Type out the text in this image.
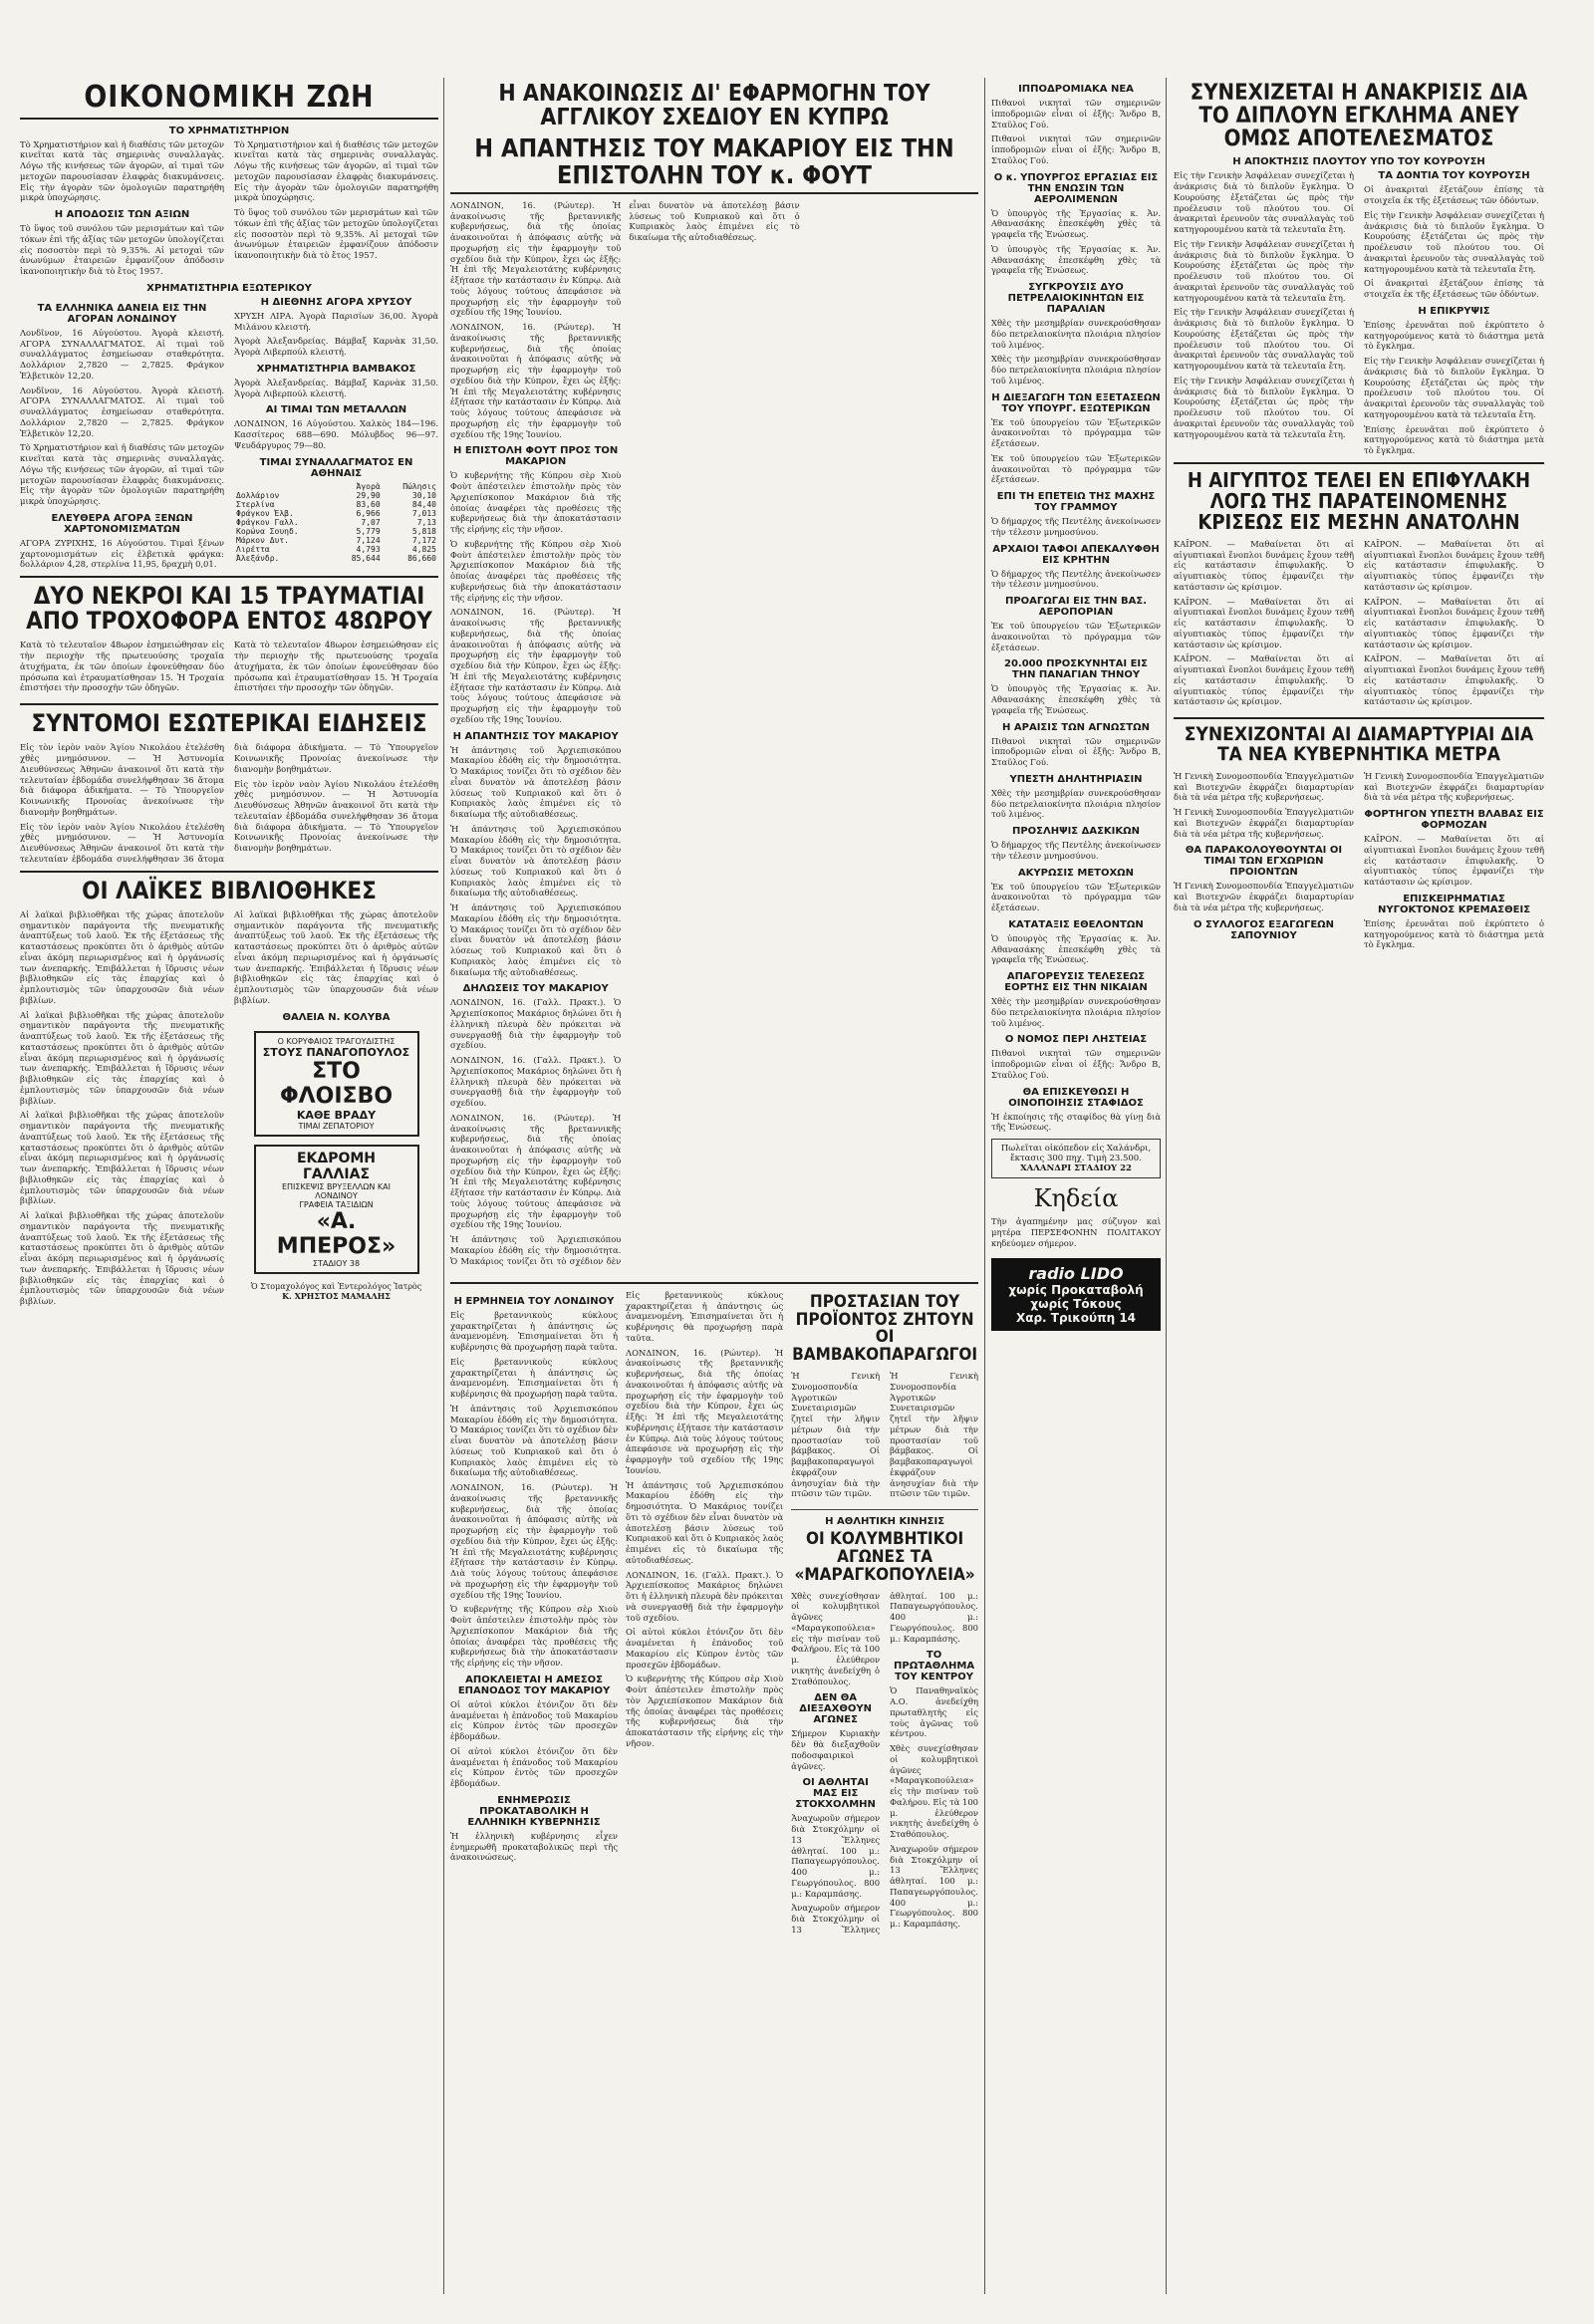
ΟΙΚΟΝΟΜΙΚΗ ΖΩΗ
ΤΟ ΧΡΗΜΑΤΙΣΤΗΡΙΟΝ

Τὸ Χρηματιστήριον καὶ ἡ διαθέσις τῶν μετοχῶν κινεῖται κατὰ τὰς σημερινὰς συναλλαγὰς. Λόγω τῆς κινήσεως τῶν ἀγορῶν, αἱ τιμαὶ τῶν μετοχῶν παρουσίασαν ἐλαφρὰς διακυμάνσεις. Εἰς τὴν ἀγορὰν τῶν ὁμολογιῶν παρατηρήθη μικρὰ ὑποχώρησις.

Η ΑΠΟΔΟΣΙΣ ΤΩΝ ΑΞΙΩΝ

Τὸ ὕψος τοῦ συνόλου τῶν μερισμάτων καὶ τῶν τόκων ἐπὶ τῆς ἀξίας τῶν μετοχῶν ὑπολογίζεται εἰς ποσοστὸν περὶ τὸ 9,35%. Αἱ μετοχαὶ τῶν ἀνωνύμων ἑταιρειῶν ἐμφανίζουν ἀπόδοσιν ἱκανοποιητικὴν διὰ τὸ ἔτος 1957.

Τὸ Χρηματιστήριον καὶ ἡ διαθέσις τῶν μετοχῶν κινεῖται κατὰ τὰς σημερινὰς συναλλαγὰς. Λόγω τῆς κινήσεως τῶν ἀγορῶν, αἱ τιμαὶ τῶν μετοχῶν παρουσίασαν ἐλαφρὰς διακυμάνσεις. Εἰς τὴν ἀγορὰν τῶν ὁμολογιῶν παρατηρήθη μικρὰ ὑποχώρησις.

Τὸ ὕψος τοῦ συνόλου τῶν μερισμάτων καὶ τῶν τόκων ἐπὶ τῆς ἀξίας τῶν μετοχῶν ὑπολογίζεται εἰς ποσοστὸν περὶ τὸ 9,35%. Αἱ μετοχαὶ τῶν ἀνωνύμων ἑταιρειῶν ἐμφανίζουν ἀπόδοσιν ἱκανοποιητικὴν διὰ τὸ ἔτος 1957.

ΧΡΗΜΑΤΙΣΤΗΡΙΑ ΕΞΩΤΕΡΙΚΟΥ
ΤΑ ΕΛΛΗΝΙΚΑ ΔΑΝΕΙΑ ΕΙΣ ΤΗΝ ΑΓΟΡΑΝ ΛΟΝΔΙΝΟΥ

Λονδῖνον, 16 Αὐγούστου. Ἀγορὰ κλειστή. ΑΓΟΡΑ ΣΥΝΑΛΛΑΓΜΑΤΟΣ. Αἱ τιμαὶ τοῦ συναλλάγματος ἐσημείωσαν σταθερότητα. Δολλάριον 2,7820 — 2,7825. Φράγκον Ἑλβετικὸν 12,20.

Λονδῖνον, 16 Αὐγούστου. Ἀγορὰ κλειστή. ΑΓΟΡΑ ΣΥΝΑΛΛΑΓΜΑΤΟΣ. Αἱ τιμαὶ τοῦ συναλλάγματος ἐσημείωσαν σταθερότητα. Δολλάριον 2,7820 — 2,7825. Φράγκον Ἑλβετικὸν 12,20.

Τὸ Χρηματιστήριον καὶ ἡ διαθέσις τῶν μετοχῶν κινεῖται κατὰ τὰς σημερινὰς συναλλαγὰς. Λόγω τῆς κινήσεως τῶν ἀγορῶν, αἱ τιμαὶ τῶν μετοχῶν παρουσίασαν ἐλαφρὰς διακυμάνσεις. Εἰς τὴν ἀγορὰν τῶν ὁμολογιῶν παρατηρήθη μικρὰ ὑποχώρησις.

ΕΛΕΥΘΕΡΑ ΑΓΟΡΑ ΞΕΝΩΝ ΧΑΡΤΟΝΟΜΙΣΜΑΤΩΝ

ΑΓΟΡΑ ΖΥΡΙΧΗΣ, 16 Αὐγούστου. Τιμαὶ ξένων χαρτονομισμάτων εἰς ἑλβετικὰ φράγκα: δολλάριον 4,28, στερλίνα 11,95, δραχμὴ 0,01.

Η ΔΙΕΘΝΗΣ ΑΓΟΡΑ ΧΡΥΣΟΥ

ΧΡΥΣΗ ΛΙΡΑ. Ἀγορὰ Παρισίων 36,00. Ἀγορὰ Μιλάνου κλειστή.

Ἀγορὰ Ἀλεξανδρείας. Βάμβαξ Καρνὰκ 31,50. Ἀγορὰ Λιβερπούλ κλειστή.

ΧΡΗΜΑΤΙΣΤΗΡΙΑ ΒΑΜΒΑΚΟΣ

Ἀγορὰ Ἀλεξανδρείας. Βάμβαξ Καρνὰκ 31,50. Ἀγορὰ Λιβερπούλ κλειστή.

ΑΙ ΤΙΜΑΙ ΤΩΝ ΜΕΤΑΛΛΩΝ

ΛΟΝΔΙΝΟΝ, 16 Αὐγούστου. Χαλκὸς 184—196. Κασσίτερος 688—690. Μόλυβδος 96—97. Ψευδάργυρος 79—80.

ΤΙΜΑΙ ΣΥΝΑΛΛΑΓΜΑΤΟΣ ΕΝ ΑΘΗΝΑΙΣ
	Ἀγορὰ	Πώλησις
Δολλάριον	29,90	30,10
Στερλίνα	83,60	84,40
Φράγκον Ἑλβ.	6,966	7,013
Φράγκον Γαλλ.	7,07	7,13
Κορώνα Σουηδ.	5,779	5,818
Μάρκον Δυτ.	7,124	7,172
Λιρέττα	4,793	4,825
Ἀλεξάνδρ.	85,644	86,660
ΔΥΟ ΝΕΚΡΟΙ ΚΑΙ 15 ΤΡΑΥΜΑΤΙΑΙ ΑΠΟ ΤΡΟΧΟΦΟΡΑ ΕΝΤΟΣ 48ΩΡΟΥ

Κατὰ τὸ τελευταῖον 48ωρον ἐσημειώθησαν εἰς τὴν περιοχὴν τῆς πρωτευούσης τροχαῖα ἀτυχήματα, ἐκ τῶν ὁποίων ἐφονεύθησαν δύο πρόσωπα καὶ ἐτραυματίσθησαν 15. Ἡ Τροχαία ἐπιστήσει τὴν προσοχὴν τῶν ὁδηγῶν.

Κατὰ τὸ τελευταῖον 48ωρον ἐσημειώθησαν εἰς τὴν περιοχὴν τῆς πρωτευούσης τροχαῖα ἀτυχήματα, ἐκ τῶν ὁποίων ἐφονεύθησαν δύο πρόσωπα καὶ ἐτραυματίσθησαν 15. Ἡ Τροχαία ἐπιστήσει τὴν προσοχὴν τῶν ὁδηγῶν.

ΣΥΝΤΟΜΟΙ ΕΣΩΤΕΡΙΚΑΙ ΕΙΔΗΣΕΙΣ

Εἰς τὸν ἱερὸν ναὸν Ἁγίου Νικολάου ἐτελέσθη χθὲς μνημόσυνον. — Ἡ Ἀστυνομία Διευθύνσεως Ἀθηνῶν ἀνακοινοῖ ὅτι κατὰ τὴν τελευταίαν ἑβδομάδα συνελήφθησαν 36 ἄτομα διὰ διάφορα ἀδικήματα. — Τὸ Ὑπουργεῖον Κοινωνικῆς Προνοίας ἀνεκοίνωσε τὴν διανομὴν βοηθημάτων.

Εἰς τὸν ἱερὸν ναὸν Ἁγίου Νικολάου ἐτελέσθη χθὲς μνημόσυνον. — Ἡ Ἀστυνομία Διευθύνσεως Ἀθηνῶν ἀνακοινοῖ ὅτι κατὰ τὴν τελευταίαν ἑβδομάδα συνελήφθησαν 36 ἄτομα διὰ διάφορα ἀδικήματα. — Τὸ Ὑπουργεῖον Κοινωνικῆς Προνοίας ἀνεκοίνωσε τὴν διανομὴν βοηθημάτων.

Εἰς τὸν ἱερὸν ναὸν Ἁγίου Νικολάου ἐτελέσθη χθὲς μνημόσυνον. — Ἡ Ἀστυνομία Διευθύνσεως Ἀθηνῶν ἀνακοινοῖ ὅτι κατὰ τὴν τελευταίαν ἑβδομάδα συνελήφθησαν 36 ἄτομα διὰ διάφορα ἀδικήματα. — Τὸ Ὑπουργεῖον Κοινωνικῆς Προνοίας ἀνεκοίνωσε τὴν διανομὴν βοηθημάτων.

ΟΙ ΛΑΪΚΕΣ ΒΙΒΛΙΟΘΗΚΕΣ

Αἱ λαϊκαὶ βιβλιοθῆκαι τῆς χώρας ἀποτελοῦν σημαντικὸν παράγοντα τῆς πνευματικῆς ἀναπτύξεως τοῦ λαοῦ. Ἐκ τῆς ἐξετάσεως τῆς καταστάσεως προκύπτει ὅτι ὁ ἀριθμὸς αὐτῶν εἶναι ἀκόμη περιωρισμένος καὶ ἡ ὀργάνωσίς των ἀνεπαρκής. Ἐπιβάλλεται ἡ ἵδρυσις νέων βιβλιοθηκῶν εἰς τὰς ἐπαρχίας καὶ ὁ ἐμπλουτισμὸς τῶν ὑπαρχουσῶν διὰ νέων βιβλίων.

Αἱ λαϊκαὶ βιβλιοθῆκαι τῆς χώρας ἀποτελοῦν σημαντικὸν παράγοντα τῆς πνευματικῆς ἀναπτύξεως τοῦ λαοῦ. Ἐκ τῆς ἐξετάσεως τῆς καταστάσεως προκύπτει ὅτι ὁ ἀριθμὸς αὐτῶν εἶναι ἀκόμη περιωρισμένος καὶ ἡ ὀργάνωσίς των ἀνεπαρκής. Ἐπιβάλλεται ἡ ἵδρυσις νέων βιβλιοθηκῶν εἰς τὰς ἐπαρχίας καὶ ὁ ἐμπλουτισμὸς τῶν ὑπαρχουσῶν διὰ νέων βιβλίων.

Αἱ λαϊκαὶ βιβλιοθῆκαι τῆς χώρας ἀποτελοῦν σημαντικὸν παράγοντα τῆς πνευματικῆς ἀναπτύξεως τοῦ λαοῦ. Ἐκ τῆς ἐξετάσεως τῆς καταστάσεως προκύπτει ὅτι ὁ ἀριθμὸς αὐτῶν εἶναι ἀκόμη περιωρισμένος καὶ ἡ ὀργάνωσίς των ἀνεπαρκής. Ἐπιβάλλεται ἡ ἵδρυσις νέων βιβλιοθηκῶν εἰς τὰς ἐπαρχίας καὶ ὁ ἐμπλουτισμὸς τῶν ὑπαρχουσῶν διὰ νέων βιβλίων.

Αἱ λαϊκαὶ βιβλιοθῆκαι τῆς χώρας ἀποτελοῦν σημαντικὸν παράγοντα τῆς πνευματικῆς ἀναπτύξεως τοῦ λαοῦ. Ἐκ τῆς ἐξετάσεως τῆς καταστάσεως προκύπτει ὅτι ὁ ἀριθμὸς αὐτῶν εἶναι ἀκόμη περιωρισμένος καὶ ἡ ὀργάνωσίς των ἀνεπαρκής. Ἐπιβάλλεται ἡ ἵδρυσις νέων βιβλιοθηκῶν εἰς τὰς ἐπαρχίας καὶ ὁ ἐμπλουτισμὸς τῶν ὑπαρχουσῶν διὰ νέων βιβλίων.

Αἱ λαϊκαὶ βιβλιοθῆκαι τῆς χώρας ἀποτελοῦν σημαντικὸν παράγοντα τῆς πνευματικῆς ἀναπτύξεως τοῦ λαοῦ. Ἐκ τῆς ἐξετάσεως τῆς καταστάσεως προκύπτει ὅτι ὁ ἀριθμὸς αὐτῶν εἶναι ἀκόμη περιωρισμένος καὶ ἡ ὀργάνωσίς των ἀνεπαρκής. Ἐπιβάλλεται ἡ ἵδρυσις νέων βιβλιοθηκῶν εἰς τὰς ἐπαρχίας καὶ ὁ ἐμπλουτισμὸς τῶν ὑπαρχουσῶν διὰ νέων βιβλίων.

ΘΑΛΕΙΑ Ν. ΚΟΛΥΒΑ
Ο ΚΟΡΥΦΑΙΟΣ ΤΡΑΓΟΥΔΙΣΤΗΣ
ΣΤΟΥΣ ΠΑΝΑΓΟΠΟΥΛΟΣ
ΣΤΟ ΦΛΟΙΣΒΟ
ΚΑΘΕ ΒΡΑΔΥ
ΤΙΜΑΙ ΖΕΠΑΤΟΡΙΟΥ
ΕΚΔΡΟΜΗ ΓΑΛΛΙΑΣ
ΕΠΙΣΚΕΨΙΣ ΒΡΥΞΕΛΛΩΝ ΚΑΙ ΛΟΝΔΙΝΟΥ
ΓΡΑΦΕΙΑ ΤΑΞΙΔΙΩΝ
«Α. ΜΠΕΡΟΣ»
ΣΤΑΔΙΟΥ 38
Ὁ Στομαχολόγος καὶ Ἐντερολόγος Ἰατρὸς
Κ. ΧΡΗΣΤΟΣ ΜΑΜΑΛΗΣ
Η ΑΝΑΚΟΙΝΩΣΙΣ ΔΙ' ΕΦΑΡΜΟΓΗΝ ΤΟΥ ΑΓΓΛΙΚΟΥ ΣΧΕΔΙΟΥ ΕΝ ΚΥΠΡΩ
Η ΑΠΑΝΤΗΣΙΣ ΤΟΥ ΜΑΚΑΡΙΟΥ ΕΙΣ ΤΗΝ ΕΠΙΣΤΟΛΗΝ ΤΟΥ κ. ΦΟΥΤ

ΛΟΝΔΙΝΟΝ, 16. (Ρώυτερ). Ἡ ἀνακοίνωσις τῆς βρεταννικῆς κυβερνήσεως, διὰ τῆς ὁποίας ἀνακοινοῦται ἡ ἀπόφασις αὐτῆς νὰ προχωρήσῃ εἰς τὴν ἐφαρμογὴν τοῦ σχεδίου διὰ τὴν Κύπρον, ἔχει ὡς ἑξῆς: Ἡ ἐπὶ τῆς Μεγαλειοτάτης κυβέρνησις ἐξήτασε τὴν κατάστασιν ἐν Κύπρῳ. Διὰ τοὺς λόγους τούτους ἀπεφάσισε νὰ προχωρήσῃ εἰς τὴν ἐφαρμογὴν τοῦ σχεδίου τῆς 19ης Ἰουνίου.

ΛΟΝΔΙΝΟΝ, 16. (Ρώυτερ). Ἡ ἀνακοίνωσις τῆς βρεταννικῆς κυβερνήσεως, διὰ τῆς ὁποίας ἀνακοινοῦται ἡ ἀπόφασις αὐτῆς νὰ προχωρήσῃ εἰς τὴν ἐφαρμογὴν τοῦ σχεδίου διὰ τὴν Κύπρον, ἔχει ὡς ἑξῆς: Ἡ ἐπὶ τῆς Μεγαλειοτάτης κυβέρνησις ἐξήτασε τὴν κατάστασιν ἐν Κύπρῳ. Διὰ τοὺς λόγους τούτους ἀπεφάσισε νὰ προχωρήσῃ εἰς τὴν ἐφαρμογὴν τοῦ σχεδίου τῆς 19ης Ἰουνίου.

Η ΕΠΙΣΤΟΛΗ ΦΟΥΤ ΠΡΟΣ ΤΟΝ ΜΑΚΑΡΙΟΝ

Ὁ κυβερνήτης τῆς Κύπρου σὲρ Χιοὺ Φοὺτ ἀπέστειλεν ἐπιστολὴν πρὸς τὸν Ἀρχιεπίσκοπον Μακάριον διὰ τῆς ὁποίας ἀναφέρει τὰς προθέσεις τῆς κυβερνήσεως διὰ τὴν ἀποκατάστασιν τῆς εἰρήνης εἰς τὴν νῆσον.

Ὁ κυβερνήτης τῆς Κύπρου σὲρ Χιοὺ Φοὺτ ἀπέστειλεν ἐπιστολὴν πρὸς τὸν Ἀρχιεπίσκοπον Μακάριον διὰ τῆς ὁποίας ἀναφέρει τὰς προθέσεις τῆς κυβερνήσεως διὰ τὴν ἀποκατάστασιν τῆς εἰρήνης εἰς τὴν νῆσον.

ΛΟΝΔΙΝΟΝ, 16. (Ρώυτερ). Ἡ ἀνακοίνωσις τῆς βρεταννικῆς κυβερνήσεως, διὰ τῆς ὁποίας ἀνακοινοῦται ἡ ἀπόφασις αὐτῆς νὰ προχωρήσῃ εἰς τὴν ἐφαρμογὴν τοῦ σχεδίου διὰ τὴν Κύπρον, ἔχει ὡς ἑξῆς: Ἡ ἐπὶ τῆς Μεγαλειοτάτης κυβέρνησις ἐξήτασε τὴν κατάστασιν ἐν Κύπρῳ. Διὰ τοὺς λόγους τούτους ἀπεφάσισε νὰ προχωρήσῃ εἰς τὴν ἐφαρμογὴν τοῦ σχεδίου τῆς 19ης Ἰουνίου.

Η ΑΠΑΝΤΗΣΙΣ ΤΟΥ ΜΑΚΑΡΙΟΥ

Ἡ ἀπάντησις τοῦ Ἀρχιεπισκόπου Μακαρίου ἐδόθη εἰς τὴν δημοσιότητα. Ὁ Μακάριος τονίζει ὅτι τὸ σχέδιον δὲν εἶναι δυνατὸν νὰ ἀποτελέσῃ βάσιν λύσεως τοῦ Κυπριακοῦ καὶ ὅτι ὁ Κυπριακὸς λαὸς ἐπιμένει εἰς τὸ δικαίωμα τῆς αὐτοδιαθέσεως.

Ἡ ἀπάντησις τοῦ Ἀρχιεπισκόπου Μακαρίου ἐδόθη εἰς τὴν δημοσιότητα. Ὁ Μακάριος τονίζει ὅτι τὸ σχέδιον δὲν εἶναι δυνατὸν νὰ ἀποτελέσῃ βάσιν λύσεως τοῦ Κυπριακοῦ καὶ ὅτι ὁ Κυπριακὸς λαὸς ἐπιμένει εἰς τὸ δικαίωμα τῆς αὐτοδιαθέσεως.

Ἡ ἀπάντησις τοῦ Ἀρχιεπισκόπου Μακαρίου ἐδόθη εἰς τὴν δημοσιότητα. Ὁ Μακάριος τονίζει ὅτι τὸ σχέδιον δὲν εἶναι δυνατὸν νὰ ἀποτελέσῃ βάσιν λύσεως τοῦ Κυπριακοῦ καὶ ὅτι ὁ Κυπριακὸς λαὸς ἐπιμένει εἰς τὸ δικαίωμα τῆς αὐτοδιαθέσεως.

ΔΗΛΩΣΕΙΣ ΤΟΥ ΜΑΚΑΡΙΟΥ

ΛΟΝΔΙΝΟΝ, 16. (Γαλλ. Πρακτ.). Ὁ Ἀρχιεπίσκοπος Μακάριος δηλώνει ὅτι ἡ ἑλληνικὴ πλευρὰ δὲν πρόκειται νὰ συνεργασθῇ διὰ τὴν ἐφαρμογὴν τοῦ σχεδίου.

ΛΟΝΔΙΝΟΝ, 16. (Γαλλ. Πρακτ.). Ὁ Ἀρχιεπίσκοπος Μακάριος δηλώνει ὅτι ἡ ἑλληνικὴ πλευρὰ δὲν πρόκειται νὰ συνεργασθῇ διὰ τὴν ἐφαρμογὴν τοῦ σχεδίου.

ΛΟΝΔΙΝΟΝ, 16. (Ρώυτερ). Ἡ ἀνακοίνωσις τῆς βρεταννικῆς κυβερνήσεως, διὰ τῆς ὁποίας ἀνακοινοῦται ἡ ἀπόφασις αὐτῆς νὰ προχωρήσῃ εἰς τὴν ἐφαρμογὴν τοῦ σχεδίου διὰ τὴν Κύπρον, ἔχει ὡς ἑξῆς: Ἡ ἐπὶ τῆς Μεγαλειοτάτης κυβέρνησις ἐξήτασε τὴν κατάστασιν ἐν Κύπρῳ. Διὰ τοὺς λόγους τούτους ἀπεφάσισε νὰ προχωρήσῃ εἰς τὴν ἐφαρμογὴν τοῦ σχεδίου τῆς 19ης Ἰουνίου.

Ἡ ἀπάντησις τοῦ Ἀρχιεπισκόπου Μακαρίου ἐδόθη εἰς τὴν δημοσιότητα. Ὁ Μακάριος τονίζει ὅτι τὸ σχέδιον δὲν εἶναι δυνατὸν νὰ ἀποτελέσῃ βάσιν λύσεως τοῦ Κυπριακοῦ καὶ ὅτι ὁ Κυπριακὸς λαὸς ἐπιμένει εἰς τὸ δικαίωμα τῆς αὐτοδιαθέσεως.

Η ΕΡΜΗΝΕΙΑ ΤΟΥ ΛΟΝΔΙΝΟΥ

Εἰς βρεταννικοὺς κύκλους χαρακτηρίζεται ἡ ἀπάντησις ὡς ἀναμενομένη. Ἐπισημαίνεται ὅτι ἡ κυβέρνησις θὰ προχωρήσῃ παρὰ ταῦτα.

Εἰς βρεταννικοὺς κύκλους χαρακτηρίζεται ἡ ἀπάντησις ὡς ἀναμενομένη. Ἐπισημαίνεται ὅτι ἡ κυβέρνησις θὰ προχωρήσῃ παρὰ ταῦτα.

Ἡ ἀπάντησις τοῦ Ἀρχιεπισκόπου Μακαρίου ἐδόθη εἰς τὴν δημοσιότητα. Ὁ Μακάριος τονίζει ὅτι τὸ σχέδιον δὲν εἶναι δυνατὸν νὰ ἀποτελέσῃ βάσιν λύσεως τοῦ Κυπριακοῦ καὶ ὅτι ὁ Κυπριακὸς λαὸς ἐπιμένει εἰς τὸ δικαίωμα τῆς αὐτοδιαθέσεως.

ΛΟΝΔΙΝΟΝ, 16. (Ρώυτερ). Ἡ ἀνακοίνωσις τῆς βρεταννικῆς κυβερνήσεως, διὰ τῆς ὁποίας ἀνακοινοῦται ἡ ἀπόφασις αὐτῆς νὰ προχωρήσῃ εἰς τὴν ἐφαρμογὴν τοῦ σχεδίου διὰ τὴν Κύπρον, ἔχει ὡς ἑξῆς: Ἡ ἐπὶ τῆς Μεγαλειοτάτης κυβέρνησις ἐξήτασε τὴν κατάστασιν ἐν Κύπρῳ. Διὰ τοὺς λόγους τούτους ἀπεφάσισε νὰ προχωρήσῃ εἰς τὴν ἐφαρμογὴν τοῦ σχεδίου τῆς 19ης Ἰουνίου.

Ὁ κυβερνήτης τῆς Κύπρου σὲρ Χιοὺ Φοὺτ ἀπέστειλεν ἐπιστολὴν πρὸς τὸν Ἀρχιεπίσκοπον Μακάριον διὰ τῆς ὁποίας ἀναφέρει τὰς προθέσεις τῆς κυβερνήσεως διὰ τὴν ἀποκατάστασιν τῆς εἰρήνης εἰς τὴν νῆσον.

ΑΠΟΚΛΕΙΕΤΑΙ Η ΑΜΕΣΟΣ ΕΠΑΝΟΔΟΣ ΤΟΥ ΜΑΚΑΡΙΟΥ

Οἱ αὐτοὶ κύκλοι ἐτόνιζον ὅτι δὲν ἀναμένεται ἡ ἐπάνοδος τοῦ Μακαρίου εἰς Κύπρον ἐντὸς τῶν προσεχῶν ἑβδομάδων.

Οἱ αὐτοὶ κύκλοι ἐτόνιζον ὅτι δὲν ἀναμένεται ἡ ἐπάνοδος τοῦ Μακαρίου εἰς Κύπρον ἐντὸς τῶν προσεχῶν ἑβδομάδων.

ΕΝΗΜΕΡΩΣΙΣ ΠΡΟΚΑΤΑΒΟΛΙΚΗ Η ΕΛΛΗΝΙΚΗ ΚΥΒΕΡΝΗΣΙΣ

Ἡ ἑλληνικὴ κυβέρνησις εἶχεν ἐνημερωθῆ προκαταβολικῶς περὶ τῆς ἀνακοινώσεως.

Εἰς βρεταννικοὺς κύκλους χαρακτηρίζεται ἡ ἀπάντησις ὡς ἀναμενομένη. Ἐπισημαίνεται ὅτι ἡ κυβέρνησις θὰ προχωρήσῃ παρὰ ταῦτα.

ΛΟΝΔΙΝΟΝ, 16. (Ρώυτερ). Ἡ ἀνακοίνωσις τῆς βρεταννικῆς κυβερνήσεως, διὰ τῆς ὁποίας ἀνακοινοῦται ἡ ἀπόφασις αὐτῆς νὰ προχωρήσῃ εἰς τὴν ἐφαρμογὴν τοῦ σχεδίου διὰ τὴν Κύπρον, ἔχει ὡς ἑξῆς: Ἡ ἐπὶ τῆς Μεγαλειοτάτης κυβέρνησις ἐξήτασε τὴν κατάστασιν ἐν Κύπρῳ. Διὰ τοὺς λόγους τούτους ἀπεφάσισε νὰ προχωρήσῃ εἰς τὴν ἐφαρμογὴν τοῦ σχεδίου τῆς 19ης Ἰουνίου.

Ἡ ἀπάντησις τοῦ Ἀρχιεπισκόπου Μακαρίου ἐδόθη εἰς τὴν δημοσιότητα. Ὁ Μακάριος τονίζει ὅτι τὸ σχέδιον δὲν εἶναι δυνατὸν νὰ ἀποτελέσῃ βάσιν λύσεως τοῦ Κυπριακοῦ καὶ ὅτι ὁ Κυπριακὸς λαὸς ἐπιμένει εἰς τὸ δικαίωμα τῆς αὐτοδιαθέσεως.

ΛΟΝΔΙΝΟΝ, 16. (Γαλλ. Πρακτ.). Ὁ Ἀρχιεπίσκοπος Μακάριος δηλώνει ὅτι ἡ ἑλληνικὴ πλευρὰ δὲν πρόκειται νὰ συνεργασθῇ διὰ τὴν ἐφαρμογὴν τοῦ σχεδίου.

Οἱ αὐτοὶ κύκλοι ἐτόνιζον ὅτι δὲν ἀναμένεται ἡ ἐπάνοδος τοῦ Μακαρίου εἰς Κύπρον ἐντὸς τῶν προσεχῶν ἑβδομάδων.

Ὁ κυβερνήτης τῆς Κύπρου σὲρ Χιοὺ Φοὺτ ἀπέστειλεν ἐπιστολὴν πρὸς τὸν Ἀρχιεπίσκοπον Μακάριον διὰ τῆς ὁποίας ἀναφέρει τὰς προθέσεις τῆς κυβερνήσεως διὰ τὴν ἀποκατάστασιν τῆς εἰρήνης εἰς τὴν νῆσον.

ΠΡΟΣΤΑΣΙΑΝ ΤΟΥ ΠΡΟΪΟΝΤΟΣ ΖΗΤΟΥΝ ΟΙ ΒΑΜΒΑΚΟΠΑΡΑΓΩΓΟΙ

Ἡ Γενικὴ Συνομοσπονδία Ἀγροτικῶν Συνεταιρισμῶν ζητεῖ τὴν λῆψιν μέτρων διὰ τὴν προστασίαν τοῦ βάμβακος. Οἱ βαμβακοπαραγωγοὶ ἐκφράζουν ἀνησυχίαν διὰ τὴν πτῶσιν τῶν τιμῶν.

Ἡ Γενικὴ Συνομοσπονδία Ἀγροτικῶν Συνεταιρισμῶν ζητεῖ τὴν λῆψιν μέτρων διὰ τὴν προστασίαν τοῦ βάμβακος. Οἱ βαμβακοπαραγωγοὶ ἐκφράζουν ἀνησυχίαν διὰ τὴν πτῶσιν τῶν τιμῶν.

Η ΑΘΛΗΤΙΚΗ ΚΙΝΗΣΙΣ
ΟΙ ΚΟΛΥΜΒΗΤΙΚΟΙ ΑΓΩΝΕΣ ΤΑ «ΜΑΡΑΓΚΟΠΟΥΛΕΙΑ»

Χθὲς συνεχίσθησαν οἱ κολυμβητικοὶ ἀγῶνες «Μαραγκοπούλεια» εἰς τὴν πισίναν τοῦ Φαλήρου. Εἰς τὰ 100 μ. ἐλεύθερον νικητὴς ἀνεδείχθη ὁ Σταθόπουλος.

ΔΕΝ ΘΑ ΔΙΕΞΑΧΘΟΥΝ ΑΓΩΝΕΣ

Σήμερον Κυριακὴν δὲν θὰ διεξαχθοῦν ποδοσφαιρικοὶ ἀγῶνες.

ΟΙ ΑΘΛΗΤΑΙ ΜΑΣ ΕΙΣ ΣΤΟΚΧΟΛΜΗΝ

Ἀναχωροῦν σήμερον διὰ Στοκχόλμην οἱ 13 Ἕλληνες ἀθληταί. 100 μ.: Παπαγεωργόπουλος. 400 μ.: Γεωργόπουλος. 800 μ.: Καραμπάσης.

Ἀναχωροῦν σήμερον διὰ Στοκχόλμην οἱ 13 Ἕλληνες ἀθληταί. 100 μ.: Παπαγεωργόπουλος. 400 μ.: Γεωργόπουλος. 800 μ.: Καραμπάσης.

ΤΟ ΠΡΩΤΑΘΛΗΜΑ ΤΟΥ ΚΕΝΤΡΟΥ

Ὁ Παναθηναϊκὸς Α.Ο. ἀνεδείχθη πρωταθλητὴς εἰς τοὺς ἀγῶνας τοῦ κέντρου.

Χθὲς συνεχίσθησαν οἱ κολυμβητικοὶ ἀγῶνες «Μαραγκοπούλεια» εἰς τὴν πισίναν τοῦ Φαλήρου. Εἰς τὰ 100 μ. ἐλεύθερον νικητὴς ἀνεδείχθη ὁ Σταθόπουλος.

Ἀναχωροῦν σήμερον διὰ Στοκχόλμην οἱ 13 Ἕλληνες ἀθληταί. 100 μ.: Παπαγεωργόπουλος. 400 μ.: Γεωργόπουλος. 800 μ.: Καραμπάσης.

ΙΠΠΟΔΡΟΜΙΑΚΑ ΝΕΑ

Πιθανοὶ νικηταὶ τῶν σημερινῶν ἱπποδρομιῶν εἶναι οἱ ἑξῆς: Ἄνδρο Β, Σταῦλος Γού.

Πιθανοὶ νικηταὶ τῶν σημερινῶν ἱπποδρομιῶν εἶναι οἱ ἑξῆς: Ἄνδρο Β, Σταῦλος Γού.

Ο κ. ΥΠΟΥΡΓΟΣ ΕΡΓΑΣΙΑΣ ΕΙΣ ΤΗΝ ΕΝΩΣΙΝ ΤΩΝ ΑΕΡΟΛΙΜΕΝΩΝ

Ὁ ὑπουργὸς τῆς Ἐργασίας κ. Ἀν. Αθανασάκης ἐπεσκέφθη χθὲς τὰ γραφεῖα τῆς Ἑνώσεως.

Ὁ ὑπουργὸς τῆς Ἐργασίας κ. Ἀν. Αθανασάκης ἐπεσκέφθη χθὲς τὰ γραφεῖα τῆς Ἑνώσεως.

ΣΥΓΚΡΟΥΣΙΣ ΔΥΟ ΠΕΤΡΕΛΑΙΟΚΙΝΗΤΩΝ ΕΙΣ ΠΑΡΑΛΙΑΝ

Χθὲς τὴν μεσημβρίαν συνεκρούσθησαν δύο πετρελαιοκίνητα πλοιάρια πλησίον τοῦ λιμένος.

Χθὲς τὴν μεσημβρίαν συνεκρούσθησαν δύο πετρελαιοκίνητα πλοιάρια πλησίον τοῦ λιμένος.

Η ΔΙΕΞΑΓΩΓΗ ΤΩΝ ΕΞΕΤΑΣΕΩΝ ΤΟΥ ΥΠΟΥΡΓ. ΕΞΩΤΕΡΙΚΩΝ

Ἐκ τοῦ ὑπουργείου τῶν Ἐξωτερικῶν ἀνακοινοῦται τὸ πρόγραμμα τῶν ἐξετάσεων.

Ἐκ τοῦ ὑπουργείου τῶν Ἐξωτερικῶν ἀνακοινοῦται τὸ πρόγραμμα τῶν ἐξετάσεων.

ΕΠΙ ΤΗ ΕΠΕΤΕΙΩ ΤΗΣ ΜΑΧΗΣ ΤΟΥ ΓΡΑΜΜΟΥ

Ὁ δήμαρχος τῆς Πεντέλης ἀνεκοίνωσεν τὴν τέλεσιν μνημοσύνου.

ΑΡΧΑΙΟΙ ΤΑΦΟΙ ΑΠΕΚΑΛΥΦΘΗ ΕΙΣ ΚΡΗΤΗΝ

Ὁ δήμαρχος τῆς Πεντέλης ἀνεκοίνωσεν τὴν τέλεσιν μνημοσύνου.

ΠΡΟΑΓΩΓΑΙ ΕΙΣ ΤΗΝ ΒΑΣ. ΑΕΡΟΠΟΡΙΑΝ

Ἐκ τοῦ ὑπουργείου τῶν Ἐξωτερικῶν ἀνακοινοῦται τὸ πρόγραμμα τῶν ἐξετάσεων.

20.000 ΠΡΟΣΚΥΝΗΤΑΙ ΕΙΣ ΤΗΝ ΠΑΝΑΓΙΑΝ ΤΗΝΟΥ

Ὁ ὑπουργὸς τῆς Ἐργασίας κ. Ἀν. Αθανασάκης ἐπεσκέφθη χθὲς τὰ γραφεῖα τῆς Ἑνώσεως.

Η ΑΡΑΙΣΙΣ ΤΩΝ ΑΓΝΩΣΤΩΝ

Πιθανοὶ νικηταὶ τῶν σημερινῶν ἱπποδρομιῶν εἶναι οἱ ἑξῆς: Ἄνδρο Β, Σταῦλος Γού.

ΥΠΕΣΤΗ ΔΗΛΗΤΗΡΙΑΣΙΝ

Χθὲς τὴν μεσημβρίαν συνεκρούσθησαν δύο πετρελαιοκίνητα πλοιάρια πλησίον τοῦ λιμένος.

ΠΡΟΣΛΗΨΙΣ ΔΑΣΚΙΚΩΝ

Ὁ δήμαρχος τῆς Πεντέλης ἀνεκοίνωσεν τὴν τέλεσιν μνημοσύνου.

ΑΚΥΡΩΣΙΣ ΜΕΤΟΧΩΝ

Ἐκ τοῦ ὑπουργείου τῶν Ἐξωτερικῶν ἀνακοινοῦται τὸ πρόγραμμα τῶν ἐξετάσεων.

ΚΑΤΑΤΑΞΙΣ ΕΘΕΛΟΝΤΩΝ

Ὁ ὑπουργὸς τῆς Ἐργασίας κ. Ἀν. Αθανασάκης ἐπεσκέφθη χθὲς τὰ γραφεῖα τῆς Ἑνώσεως.

ΑΠΑΓΟΡΕΥΣΙΣ ΤΕΛΕΣΕΩΣ ΕΟΡΤΗΣ ΕΙΣ ΤΗΝ ΝΙΚΑΙΑΝ

Χθὲς τὴν μεσημβρίαν συνεκρούσθησαν δύο πετρελαιοκίνητα πλοιάρια πλησίον τοῦ λιμένος.

Ο ΝΟΜΟΣ ΠΕΡΙ ΛΗΣΤΕΙΑΣ

Πιθανοὶ νικηταὶ τῶν σημερινῶν ἱπποδρομιῶν εἶναι οἱ ἑξῆς: Ἄνδρο Β, Σταῦλος Γού.

ΘΑ ΕΠΙΣΚΕΥΘΩΣΙ Η ΟΙΝΟΠΟΙΗΣΙΣ ΣΤΑΦΙΔΟΣ

Ἡ ἐκποίησις τῆς σταφίδος θὰ γίνῃ διὰ τῆς Ἑνώσεως.

Πωλεῖται οἰκόπεδον εἰς Χαλάνδρι, ἔκτασις 300 πηχ. Τιμὴ 23.500.
ΧΑΛΑΝΔΡΙ ΣΤΑΔΙΟΥ 22
Κηδεία

Τὴν ἀγαπημένην μας σύζυγον καὶ μητέρα ΠΕΡΣΕΦΟΝΗΝ ΠΟΛΙΤΑΚΟΥ κηδεύομεν σήμερον.

radio LIDO
χωρίς Προκαταβολή χωρίς Τόκους
Χαρ. Τρικούπη 14
ΣΥΝΕΧΙΖΕΤΑΙ Η ΑΝΑΚΡΙΣΙΣ ΔΙΑ ΤΟ ΔΙΠΛΟΥΝ ΕΓΚΛΗΜΑ ΑΝΕΥ ΟΜΩΣ ΑΠΟΤΕΛΕΣΜΑΤΟΣ
Η ΑΠΟΚΤΗΣΙΣ ΠΛΟΥΤΟΥ ΥΠΟ ΤΟΥ ΚΟΥΡΟΥΣΗ

Εἰς τὴν Γενικὴν Ἀσφάλειαν συνεχίζεται ἡ ἀνάκρισις διὰ τὸ διπλοῦν ἔγκλημα. Ὁ Κουρούσης ἐξετάζεται ὡς πρὸς τὴν προέλευσιν τοῦ πλούτου του. Οἱ ἀνακριταὶ ἐρευνοῦν τὰς συναλλαγὰς τοῦ κατηγορουμένου κατὰ τὰ τελευταῖα ἔτη.

Εἰς τὴν Γενικὴν Ἀσφάλειαν συνεχίζεται ἡ ἀνάκρισις διὰ τὸ διπλοῦν ἔγκλημα. Ὁ Κουρούσης ἐξετάζεται ὡς πρὸς τὴν προέλευσιν τοῦ πλούτου του. Οἱ ἀνακριταὶ ἐρευνοῦν τὰς συναλλαγὰς τοῦ κατηγορουμένου κατὰ τὰ τελευταῖα ἔτη.

Εἰς τὴν Γενικὴν Ἀσφάλειαν συνεχίζεται ἡ ἀνάκρισις διὰ τὸ διπλοῦν ἔγκλημα. Ὁ Κουρούσης ἐξετάζεται ὡς πρὸς τὴν προέλευσιν τοῦ πλούτου του. Οἱ ἀνακριταὶ ἐρευνοῦν τὰς συναλλαγὰς τοῦ κατηγορουμένου κατὰ τὰ τελευταῖα ἔτη.

Εἰς τὴν Γενικὴν Ἀσφάλειαν συνεχίζεται ἡ ἀνάκρισις διὰ τὸ διπλοῦν ἔγκλημα. Ὁ Κουρούσης ἐξετάζεται ὡς πρὸς τὴν προέλευσιν τοῦ πλούτου του. Οἱ ἀνακριταὶ ἐρευνοῦν τὰς συναλλαγὰς τοῦ κατηγορουμένου κατὰ τὰ τελευταῖα ἔτη.

ΤΑ ΔΟΝΤΙΑ ΤΟΥ ΚΟΥΡΟΥΣΗ

Οἱ ἀνακριταὶ ἐξετάζουν ἐπίσης τὰ στοιχεῖα ἐκ τῆς ἐξετάσεως τῶν ὀδόντων.

Εἰς τὴν Γενικὴν Ἀσφάλειαν συνεχίζεται ἡ ἀνάκρισις διὰ τὸ διπλοῦν ἔγκλημα. Ὁ Κουρούσης ἐξετάζεται ὡς πρὸς τὴν προέλευσιν τοῦ πλούτου του. Οἱ ἀνακριταὶ ἐρευνοῦν τὰς συναλλαγὰς τοῦ κατηγορουμένου κατὰ τὰ τελευταῖα ἔτη.

Οἱ ἀνακριταὶ ἐξετάζουν ἐπίσης τὰ στοιχεῖα ἐκ τῆς ἐξετάσεως τῶν ὀδόντων.

Η ΕΠΙΚΡΥΨΙΣ

Ἐπίσης ἐρευνᾶται ποῦ ἐκρύπτετο ὁ κατηγορούμενος κατὰ τὸ διάστημα μετὰ τὸ ἔγκλημα.

Εἰς τὴν Γενικὴν Ἀσφάλειαν συνεχίζεται ἡ ἀνάκρισις διὰ τὸ διπλοῦν ἔγκλημα. Ὁ Κουρούσης ἐξετάζεται ὡς πρὸς τὴν προέλευσιν τοῦ πλούτου του. Οἱ ἀνακριταὶ ἐρευνοῦν τὰς συναλλαγὰς τοῦ κατηγορουμένου κατὰ τὰ τελευταῖα ἔτη.

Ἐπίσης ἐρευνᾶται ποῦ ἐκρύπτετο ὁ κατηγορούμενος κατὰ τὸ διάστημα μετὰ τὸ ἔγκλημα.

Η ΑΙΓΥΠΤΟΣ ΤΕΛΕΙ ΕΝ ΕΠΙΦΥΛΑΚΗ ΛΟΓΩ ΤΗΣ ΠΑΡΑΤΕΙΝΟΜΕΝΗΣ ΚΡΙΣΕΩΣ ΕΙΣ ΜΕΣΗΝ ΑΝΑΤΟΛΗΝ

ΚΑΪΡΟΝ. — Μαθαίνεται ὅτι αἱ αἰγυπτιακαὶ ἔνοπλοι δυνάμεις ἔχουν τεθῆ εἰς κατάστασιν ἐπιφυλακῆς. Ὁ αἰγυπτιακὸς τύπος ἐμφανίζει τὴν κατάστασιν ὡς κρίσιμον.

ΚΑΪΡΟΝ. — Μαθαίνεται ὅτι αἱ αἰγυπτιακαὶ ἔνοπλοι δυνάμεις ἔχουν τεθῆ εἰς κατάστασιν ἐπιφυλακῆς. Ὁ αἰγυπτιακὸς τύπος ἐμφανίζει τὴν κατάστασιν ὡς κρίσιμον.

ΚΑΪΡΟΝ. — Μαθαίνεται ὅτι αἱ αἰγυπτιακαὶ ἔνοπλοι δυνάμεις ἔχουν τεθῆ εἰς κατάστασιν ἐπιφυλακῆς. Ὁ αἰγυπτιακὸς τύπος ἐμφανίζει τὴν κατάστασιν ὡς κρίσιμον.

ΚΑΪΡΟΝ. — Μαθαίνεται ὅτι αἱ αἰγυπτιακαὶ ἔνοπλοι δυνάμεις ἔχουν τεθῆ εἰς κατάστασιν ἐπιφυλακῆς. Ὁ αἰγυπτιακὸς τύπος ἐμφανίζει τὴν κατάστασιν ὡς κρίσιμον.

ΚΑΪΡΟΝ. — Μαθαίνεται ὅτι αἱ αἰγυπτιακαὶ ἔνοπλοι δυνάμεις ἔχουν τεθῆ εἰς κατάστασιν ἐπιφυλακῆς. Ὁ αἰγυπτιακὸς τύπος ἐμφανίζει τὴν κατάστασιν ὡς κρίσιμον.

ΚΑΪΡΟΝ. — Μαθαίνεται ὅτι αἱ αἰγυπτιακαὶ ἔνοπλοι δυνάμεις ἔχουν τεθῆ εἰς κατάστασιν ἐπιφυλακῆς. Ὁ αἰγυπτιακὸς τύπος ἐμφανίζει τὴν κατάστασιν ὡς κρίσιμον.

ΣΥΝΕΧΙΖΟΝΤΑΙ ΑΙ ΔΙΑΜΑΡΤΥΡΙΑΙ ΔΙΑ ΤΑ ΝΕΑ ΚΥΒΕΡΝΗΤΙΚΑ ΜΕΤΡΑ

Ἡ Γενικὴ Συνομοσπονδία Ἐπαγγελματιῶν καὶ Βιοτεχνῶν ἐκφράζει διαμαρτυρίαν διὰ τὰ νέα μέτρα τῆς κυβερνήσεως.

Ἡ Γενικὴ Συνομοσπονδία Ἐπαγγελματιῶν καὶ Βιοτεχνῶν ἐκφράζει διαμαρτυρίαν διὰ τὰ νέα μέτρα τῆς κυβερνήσεως.

ΘΑ ΠΑΡΑΚΟΛΟΥΘΟΥΝΤΑΙ ΟΙ ΤΙΜΑΙ ΤΩΝ ΕΓΧΩΡΙΩΝ ΠΡΟΙΟΝΤΩΝ

Ἡ Γενικὴ Συνομοσπονδία Ἐπαγγελματιῶν καὶ Βιοτεχνῶν ἐκφράζει διαμαρτυρίαν διὰ τὰ νέα μέτρα τῆς κυβερνήσεως.

Ο ΣΥΛΛΟΓΟΣ ΕΞΑΓΩΓΕΩΝ ΣΑΠΟΥΝΙΟΥ

Ἡ Γενικὴ Συνομοσπονδία Ἐπαγγελματιῶν καὶ Βιοτεχνῶν ἐκφράζει διαμαρτυρίαν διὰ τὰ νέα μέτρα τῆς κυβερνήσεως.

ΦΟΡΤΗΓΟΝ ΥΠΕΣΤΗ ΒΛΑΒΑΣ ΕΙΣ ΦΟΡΜΟΖΑΝ

ΚΑΪΡΟΝ. — Μαθαίνεται ὅτι αἱ αἰγυπτιακαὶ ἔνοπλοι δυνάμεις ἔχουν τεθῆ εἰς κατάστασιν ἐπιφυλακῆς. Ὁ αἰγυπτιακὸς τύπος ἐμφανίζει τὴν κατάστασιν ὡς κρίσιμον.

ΕΠΙΣΚΕΙΡΗΜΑΤΙΑΣ ΝΥΓΟΚΤΟΝΟΣ ΚΡΕΜΑΣΘΕΙΣ

Ἐπίσης ἐρευνᾶται ποῦ ἐκρύπτετο ὁ κατηγορούμενος κατὰ τὸ διάστημα μετὰ τὸ ἔγκλημα.
